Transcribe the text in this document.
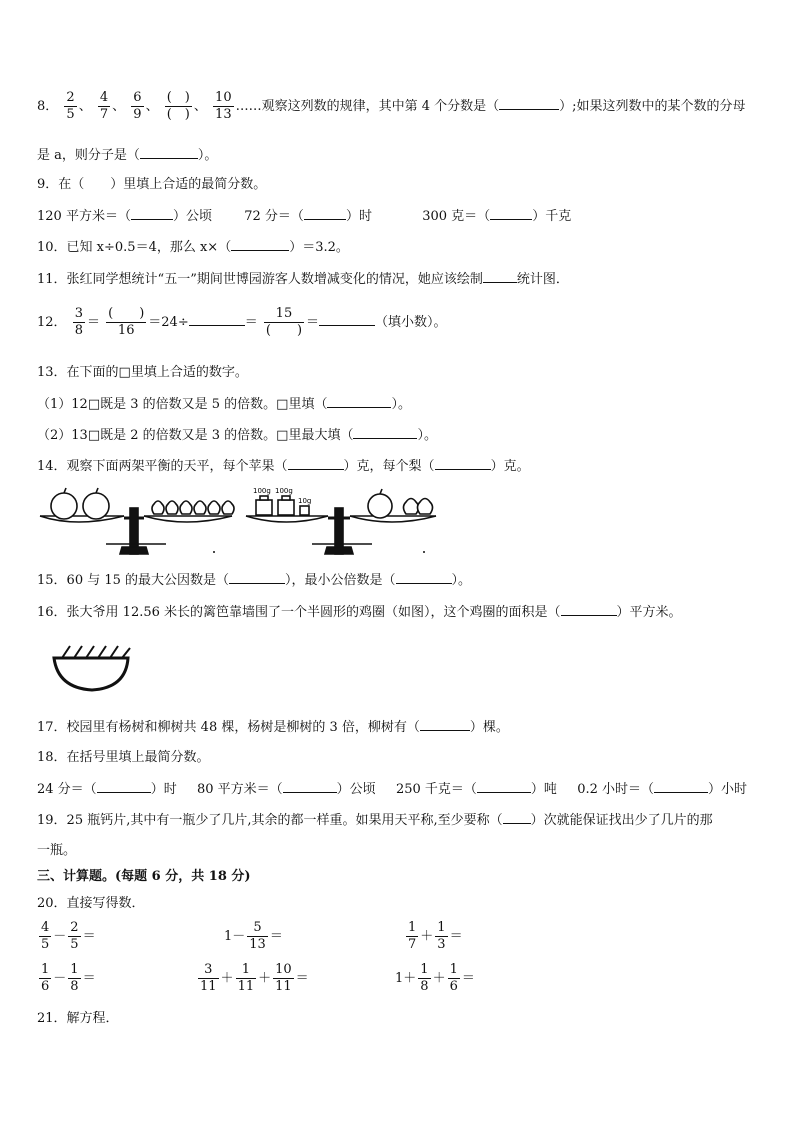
8． $\frac{2}{5}$ 、 $\frac{4}{7}$ 、 $\frac{6}{9}$ 、 $\frac{( )}{( )}$ 、 $\frac{10}{13}$ ……观察这列数的规律，其中第 4 个分数是（	）;如果这列数中的某个数的分母
是 a，则分子是（	）。
9．在（　　）里填上合适的最简分数。
120 平方米＝（	）公顷 72 分＝（	）时	300 克＝（	）千克
10．已知 x÷0.5＝4，那么 x×（	）＝3.2。
11．张红同学想统计“五一”期间世博园游客人数增减变化的情况，她应该绘制	统计图．
12． $\frac{3}{8} = \frac{( )}{16} =24\div$	＝ $\frac{15}{( )}$ ＝	（填小数）。
13．在下面的□里填上合适的数字。
（1）12□既是 3 的倍数又是 5 的倍数。□里填（	）。
（2）13□既是 2 的倍数又是 3 的倍数。□里最大填（	）。
14．观察下面两架平衡的天平，每个苹果（	）克，每个梨（	）克。
100g 100g
10g
15．60 与 15 的最大公因数是（	），最小公倍数是（	）。
16．张大爷用 12.56 米长的篱笆靠墙围了一个半圆形的鸡圈（如图），这个鸡圈的面积是（	）平方米。
17．校园里有杨树和柳树共 48 棵，杨树是柳树的 3 倍，柳树有（	）棵。
18．在括号里填上最简分数。
24 分＝（	）时 80 平方米＝（	）公顷 250 千克＝（	）吨 0.2 小时＝（	）小时
19．25 瓶钙片,其中有一瓶少了几片,其余的都一样重。如果用天平称,至少要称（ ）次就能保证找出少了几片的那
一瓶。
三、计算题。(每题 6 分，共 18 分)
20．直接写得数．
$\frac{4}{5} - \frac{2}{5}$ ＝	$1- \frac{5}{13}$ ＝	$\frac{1}{7} + \frac{1}{3}$ ＝
$\frac{1}{6} - \frac{1}{8}$ ＝	$\frac{3}{11} + \frac{1}{11} + \frac{10}{11}$ ＝	$1+ \frac{1}{8} + \frac{1}{6}$ ＝
21．解方程．
